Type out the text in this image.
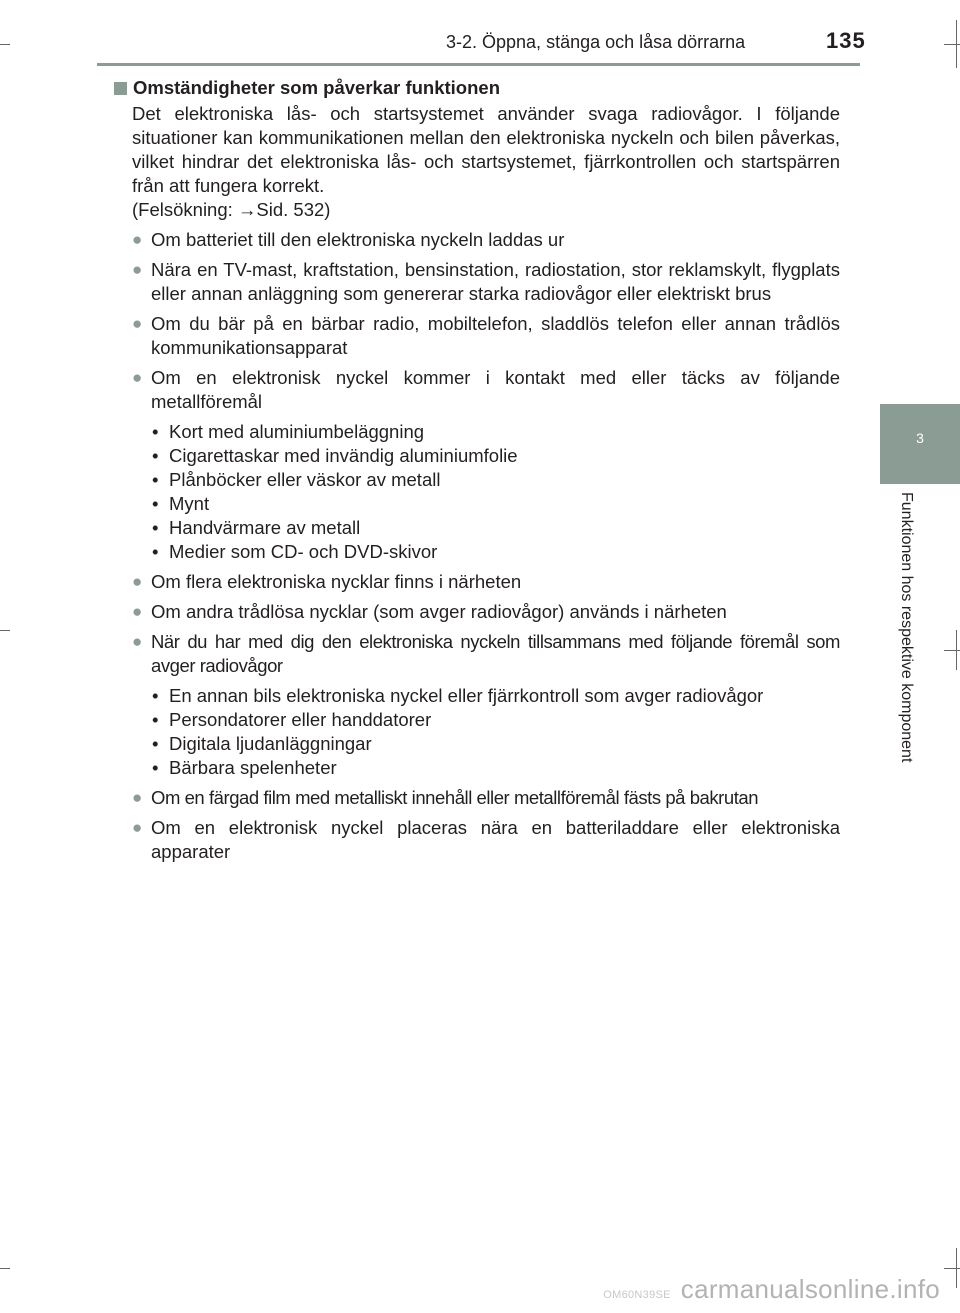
3-2. Öppna, stänga och låsa dörrarna	135
3
Funktionen hos respektive komponent
Omständigheter som påverkar funktionen
Det elektroniska lås- och startsystemet använder svaga radiovågor. I följande situationer kan kommunikationen mellan den elektroniska nyckeln och bilen påverkas, vilket hindrar det elektroniska lås- och startsystemet, fjärrkontrollen och startspärren från att fungera korrekt.
(Felsökning: →Sid. 532)
● Om batteriet till den elektroniska nyckeln laddas ur
● Nära en TV-mast, kraftstation, bensinstation, radiostation, stor reklamskylt, flygplats eller annan anläggning som genererar starka radiovågor eller elektriskt brus
● Om du bär på en bärbar radio, mobiltelefon, sladdlös telefon eller annan trådlös kommunikationsapparat
● Om en elektronisk nyckel kommer i kontakt med eller täcks av följande metallföremål
• Kort med aluminiumbeläggning
• Cigarettaskar med invändig aluminiumfolie
• Plånböcker eller väskor av metall
• Mynt
• Handvärmare av metall
• Medier som CD- och DVD-skivor
● Om flera elektroniska nycklar finns i närheten
● Om andra trådlösa nycklar (som avger radiovågor) används i närheten
● När du har med dig den elektroniska nyckeln tillsammans med följande föremål som avger radiovågor
• En annan bils elektroniska nyckel eller fjärrkontroll som avger radiovågor
• Persondatorer eller handdatorer
• Digitala ljudanläggningar
• Bärbara spelenheter
● Om en färgad film med metalliskt innehåll eller metallföremål fästs på bakrutan
● Om en elektronisk nyckel placeras nära en batteriladdare eller elektroniska apparater
OM60N39SE carmanualsonline.info
